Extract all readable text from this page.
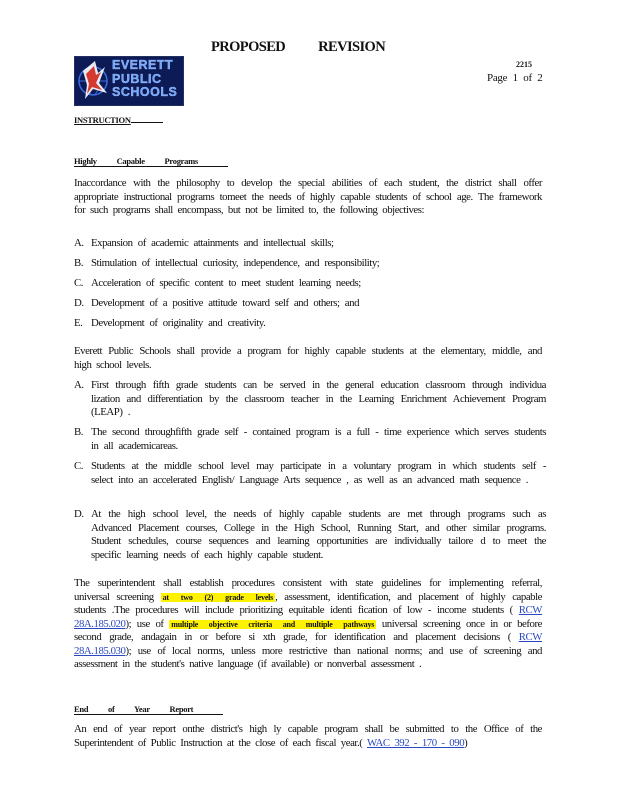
PROPOSED REVISION
EVERETT
PUBLIC
SCHOOLS
2215
Page 1 of 2
INSTRUCTION
Highly Capable Programs
Inaccordance with the philosophy to develop the special abilities of each student, the district shall offer appropriate instructional programs tomeet the needs of highly capable students of school age. The framework for such programs shall encompass, but not be limited to, the following objectives:
A. Expansion of academic attainments and intellectual skills;
B. Stimulation of intellectual curiosity, independence, and responsibility;
C. Acceleration of specific content to meet student learning needs;
D. Development of a positive attitude toward self and others; and
E. Development of originality and creativity.
Everett Public Schools shall provide a program for highly capable students at the elementary, middle, and high school levels.
A. First through fifth grade students can be served in the general education classroom through individua lization and differentiation by the classroom teacher in the Learning Enrichment Achievement Program (LEAP) .
B. The second throughfifth grade self - contained program is a full - time experience which serves students in all academicareas.
C. Students at the middle school level may participate in a voluntary program in which students self - select into an accelerated English/ Language Arts sequence , as well as an advanced math sequence .
D. At the high school level, the needs of highly capable students are met through programs such as Advanced Placement courses, College in the High School, Running Start, and other similar programs. Student schedules, course sequences and learning opportunities are individually tailore d to meet the specific learning needs of each highly capable student.
The superintendent shall establish procedures consistent with state guidelines for implementing referral, universal screening at two (2) grade levels , assessment, identification, and placement of highly capable students .The procedures will include prioritizing equitable identi fication of low - income students ( RCW 28A.185.020); use of multiple objective criteria and multiple pathways universal screening once in or before second grade, andagain in or before si xth grade, for identification and placement decisions ( RCW 28A.185.030); use of local norms, unless more restrictive than national norms; and use of screening and assessment in the student's native language (if available) or nonverbal assessment .
End of Year Report
An end of year report onthe district's high ly capable program shall be submitted to the Office of the Superintendent of Public Instruction at the close of each fiscal year.( WAC 392 - 170 - 090)
